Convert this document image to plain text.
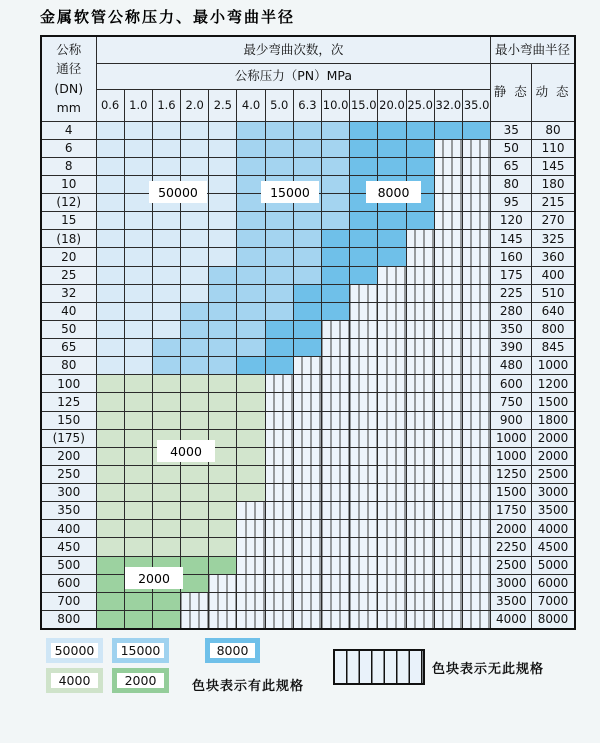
金属软管公称压力、最小弯曲半径
公称
通径
(DN)
mm	最少弯曲次数，次														最小弯曲半径	
	公称压力（PN）MPa														静 态	动 态
	0.6	1.0	1.6	2.0	2.5	4.0	5.0	6.3	10.0	15.0	20.0	25.0	32.0	35.0		
4															35	80
6															50	110
8															65	145
10															80	180
(12)															95	215
15															120	270
(18)															145	325
20															160	360
25															175	400
32															225	510
40															280	640
50															350	800
65															390	845
80															480	1000
100															600	1200
125															750	1500
150															900	1800
(175)															1000	2000
200															1000	2000
250															1250	2500
300															1500	3000
350															1750	3500
400															2000	4000
450															2250	4500
500															2500	5000
600															3000	6000
700															3500	7000
800															4000	8000
50000	15000	8000
4000
2000
50000 15000	8000
4000	2000	色块表示有此规格
色块表示无此规格
